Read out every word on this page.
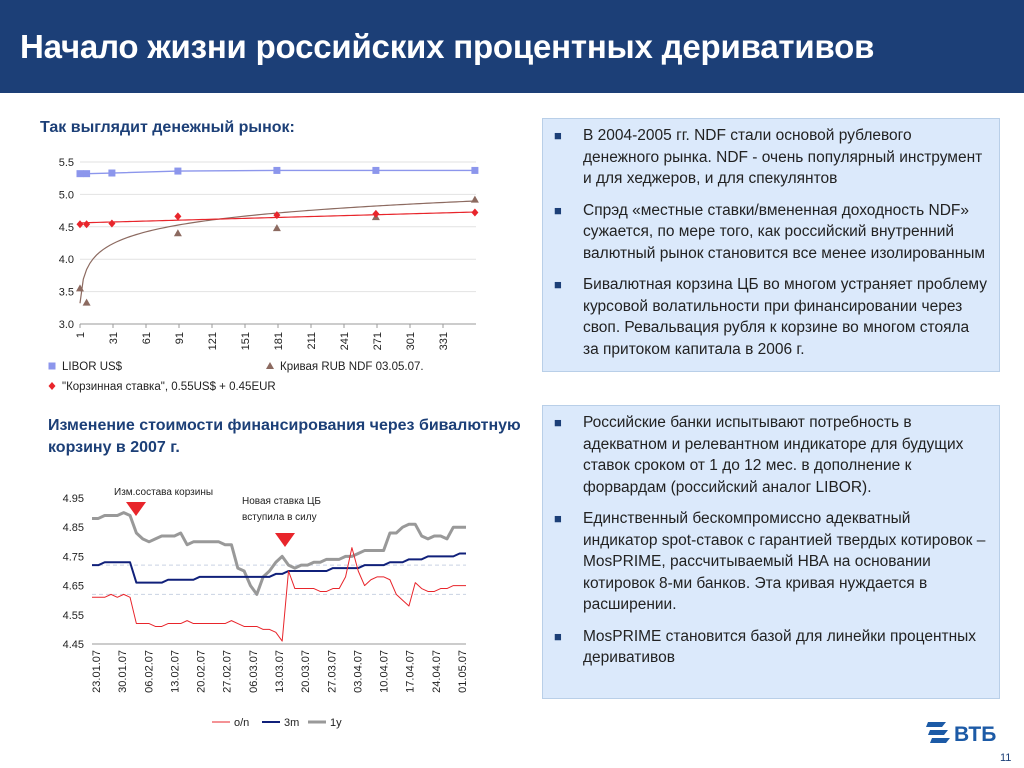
Начало жизни российских процентных деривативов
Так выглядит денежный рынок:
5.5
5.0
4.5
4.0
3.5
3.0
1 31 61 91 121 151 181 211 241 271 301 331
LIBOR US$	Кривая RUB NDF 03.05.07.
"Корзинная ставка", 0.55US$ + 0.45EUR
Изменение стоимости финансирования через бивалютную корзину в 2007 г.
4.95
4.85
4.75
4.65
4.55
4.45
23.01.07 30.01.07 06.02.07 13.02.07 20.02.07 27.02.07 06.03.07 13.03.07 20.03.07 27.03.07 03.04.07 10.04.07 17.04.07 24.04.07 01.05.07
Изм.состава корзины
Новая ставка ЦБ вступила в силу
o/n	3m	1y
■ В 2004-2005 гг. NDF стали основой рублевого денежного рынка. NDF - очень популярный инструмент и для хеджеров, и для спекулянтов
■ Спрэд «местные ставки/вмененная доходность NDF» сужается, по мере того, как российский внутренний валютный рынок становится все менее изолированным
■ Бивалютная корзина ЦБ во многом устраняет проблему курсовой волатильности при финансировании через своп. Ревальвация рубля к корзине во многом стояла за притоком капитала в 2006 г.
■ Российские банки испытывают потребность в адекватном и релевантном индикаторе для будущих ставок сроком от 1 до 12 мес. в дополнение к форвардам (российский аналог LIBOR).
■ Единственный бескомпромиссно адекватный индикатор spot-ставок с гарантией твердых котировок – MosPRIME, рассчитываемый НВА на основании котировок 8-ми банков. Эта кривая нуждается в расширении.
■ MosPRIME становится базой для линейки процентных деривативов
ВТБ
11
